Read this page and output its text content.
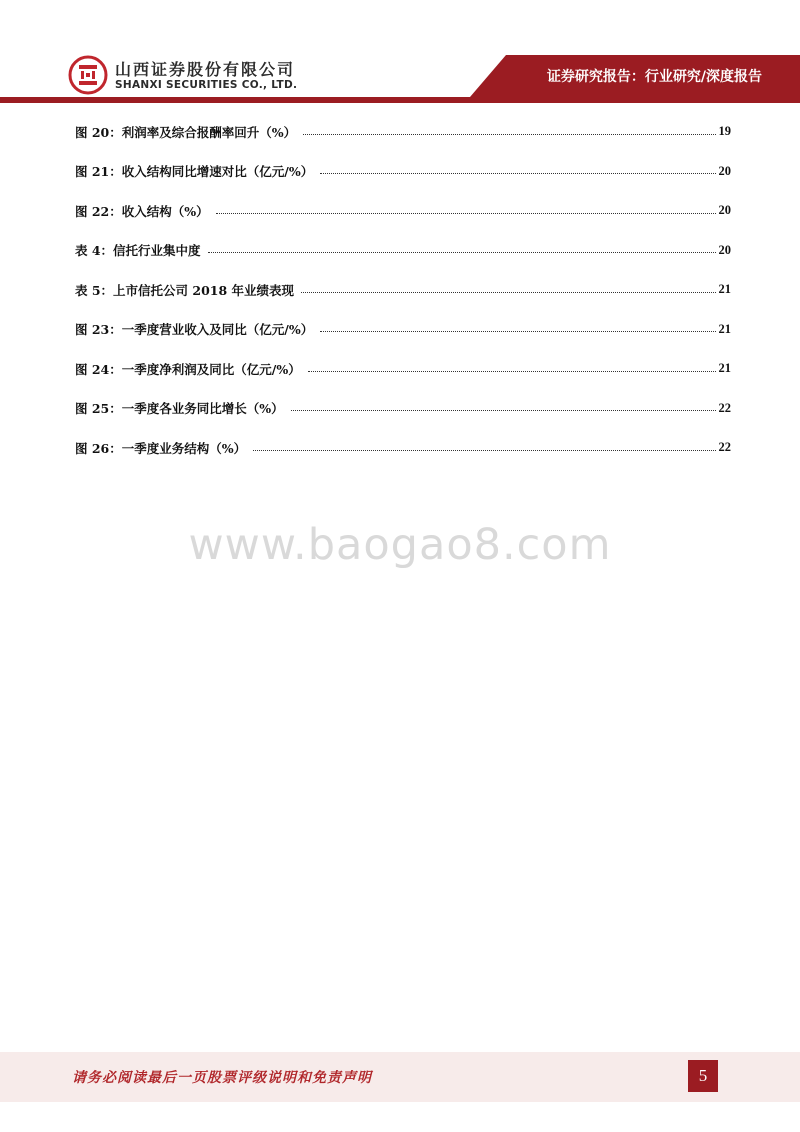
山西证券股份有限公司
SHANXI SECURITIES CO., LTD.	证券研究报告：行业研究/深度报告
图 20：利润率及综合报酬率回升（%）	19
图 21：收入结构同比增速对比（亿元/%）	20
图 22：收入结构（%）	20
表 4：信托行业集中度	20
表 5：上市信托公司 2018 年业绩表现	21
图 23：一季度营业收入及同比（亿元/%）	21
图 24：一季度净利润及同比（亿元/%）	21
图 25：一季度各业务同比增长（%）	22
图 26：一季度业务结构（%）	22
www.baogao8.com
请务必阅读最后一页股票评级说明和免责声明	5
